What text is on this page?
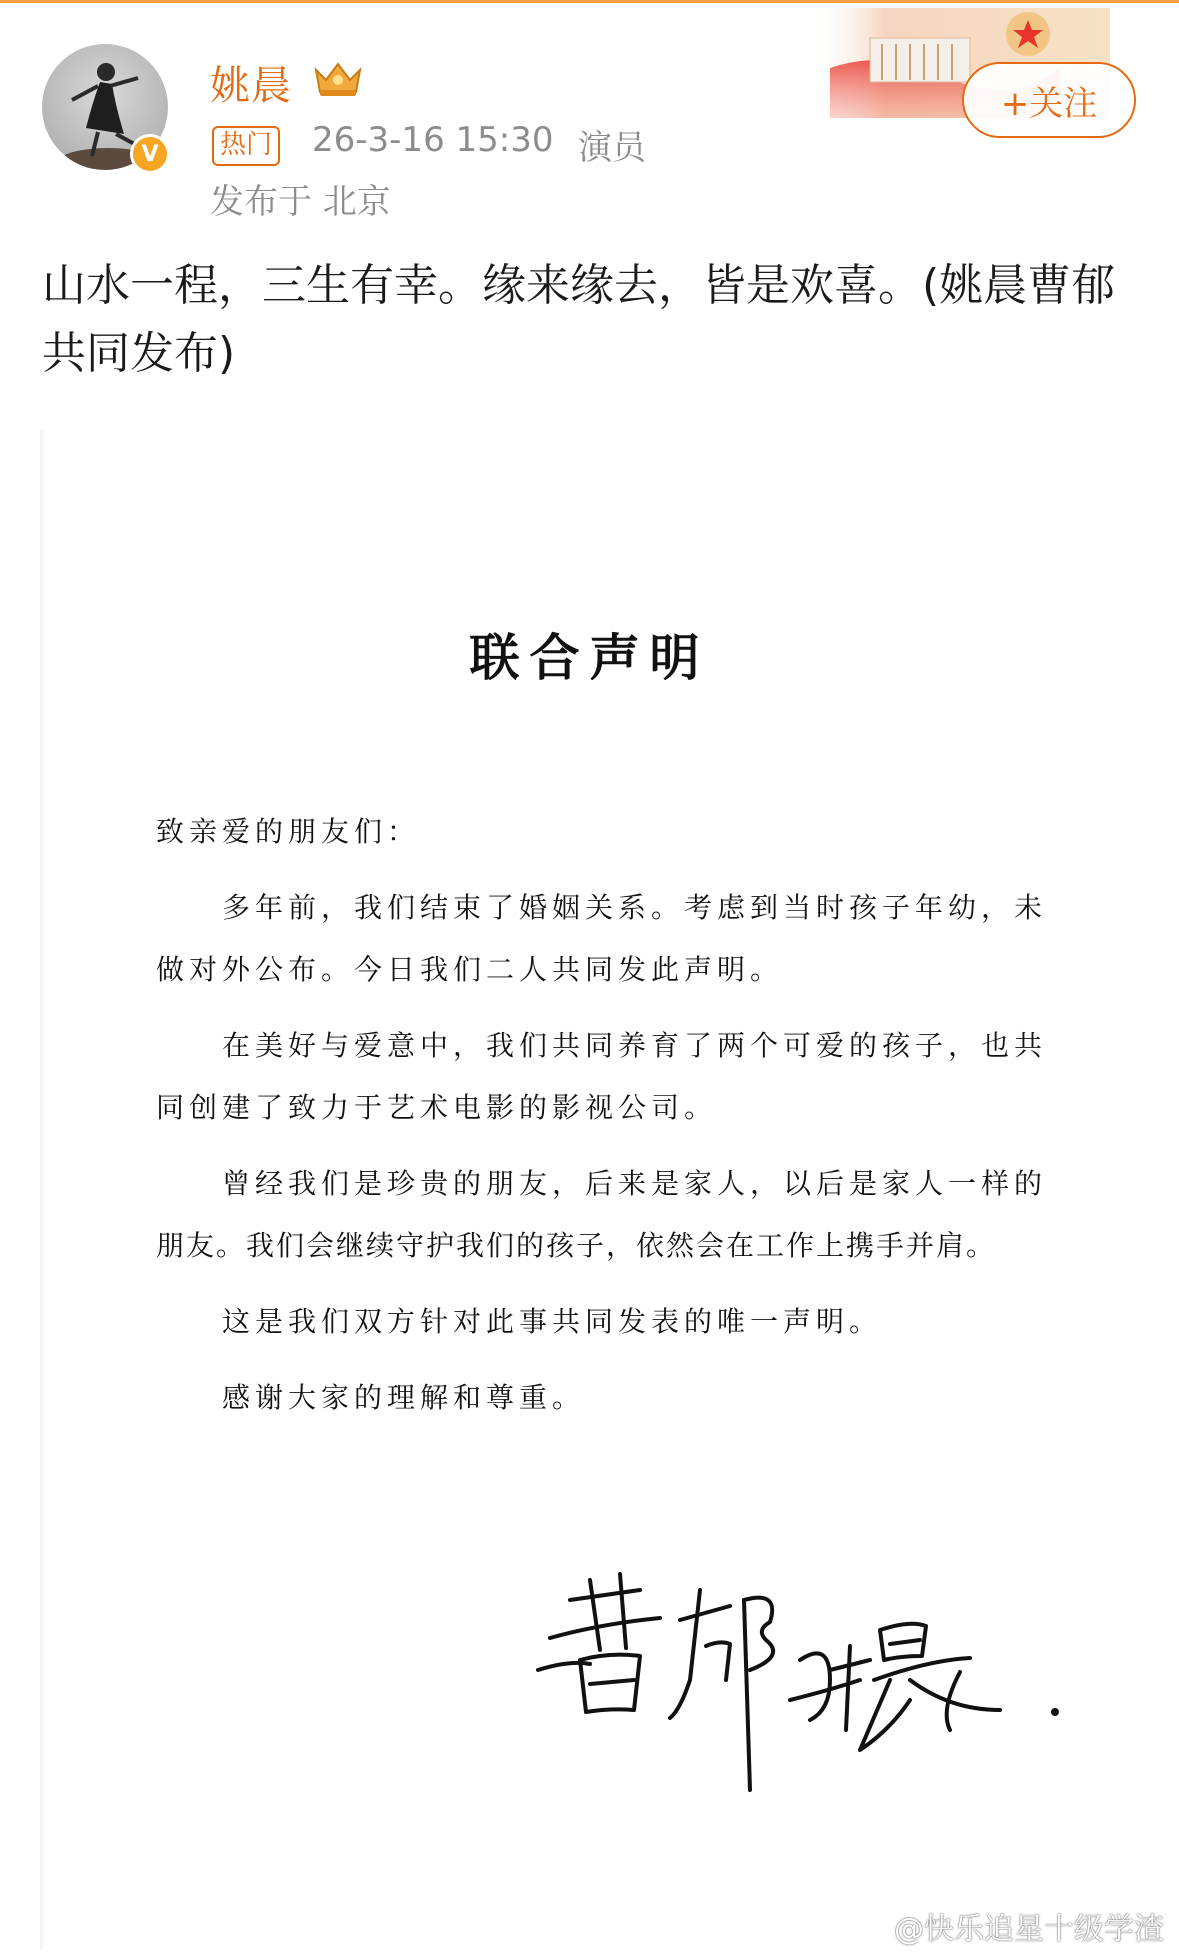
V
姚晨
热门 26-3-16 15:30 演员
发布于 北京
+关注
山水一程，三生有幸。缘来缘去，皆是欢喜。(姚晨曹郁共同发布)
联合声明
致亲爱的朋友们：
多年前，我们结束了婚姻关系。考虑到当时孩子年幼，未
做对外公布。今日我们二人共同发此声明。
在美好与爱意中，我们共同养育了两个可爱的孩子，也共
同创建了致力于艺术电影的影视公司。
曾经我们是珍贵的朋友，后来是家人，以后是家人一样的
朋友。我们会继续守护我们的孩子，依然会在工作上携手并肩。
这是我们双方针对此事共同发表的唯一声明。
感谢大家的理解和尊重。
@快乐追星十级学渣
